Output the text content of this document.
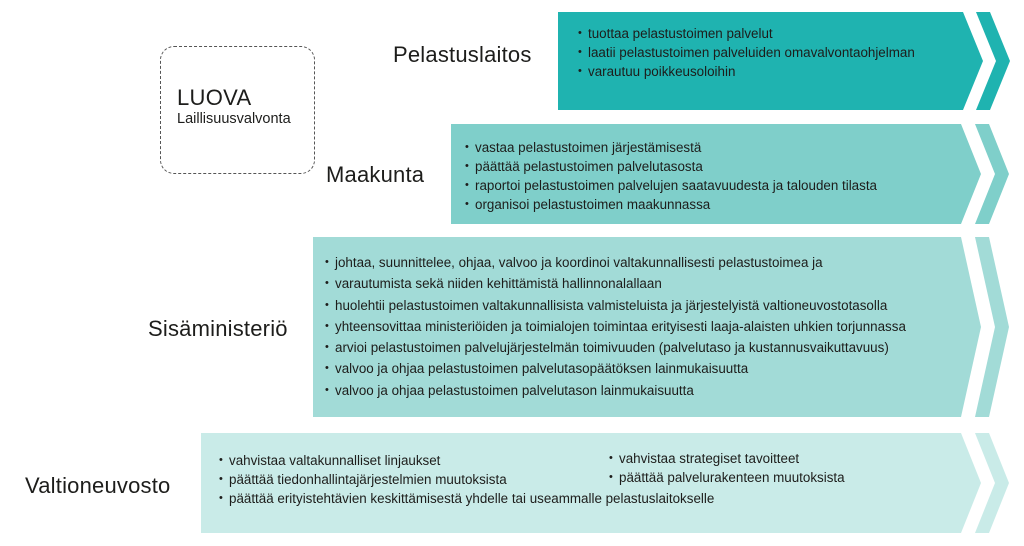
LUOVA
Laillisuusvalvonta
Pelastuslaitos
Maakunta
Sisäministeriö
Valtioneuvosto
• tuottaa pelastustoimen palvelut
• laatii pelastustoimen palveluiden omavalvontaohjelman
• varautuu poikkeusoloihin
• vastaa pelastustoimen järjestämisestä
• päättää pelastustoimen palvelutasosta
• raportoi pelastustoimen palvelujen saatavuudesta ja talouden tilasta
• organisoi pelastustoimen maakunnassa
• johtaa, suunnittelee, ohjaa, valvoo ja koordinoi valtakunnallisesti pelastustoimea ja
• varautumista sekä niiden kehittämistä hallinnonalallaan
• huolehtii pelastustoimen valtakunnallisista valmisteluista ja järjestelyistä valtioneuvostotasolla
• yhteensovittaa ministeriöiden ja toimialojen toimintaa erityisesti laaja-alaisten uhkien torjunnassa
• arvioi pelastustoimen palvelujärjestelmän toimivuuden (palvelutaso ja kustannusvaikuttavuus)
• valvoo ja ohjaa pelastustoimen palvelutasopäätöksen lainmukaisuutta
• valvoo ja ohjaa pelastustoimen palvelutason lainmukaisuutta
• vahvistaa valtakunnalliset linjaukset
• päättää tiedonhallintajärjestelmien muutoksista
• päättää erityistehtävien keskittämisestä yhdelle tai useammalle pelastuslaitokselle
• vahvistaa strategiset tavoitteet
• päättää palvelurakenteen muutoksista
